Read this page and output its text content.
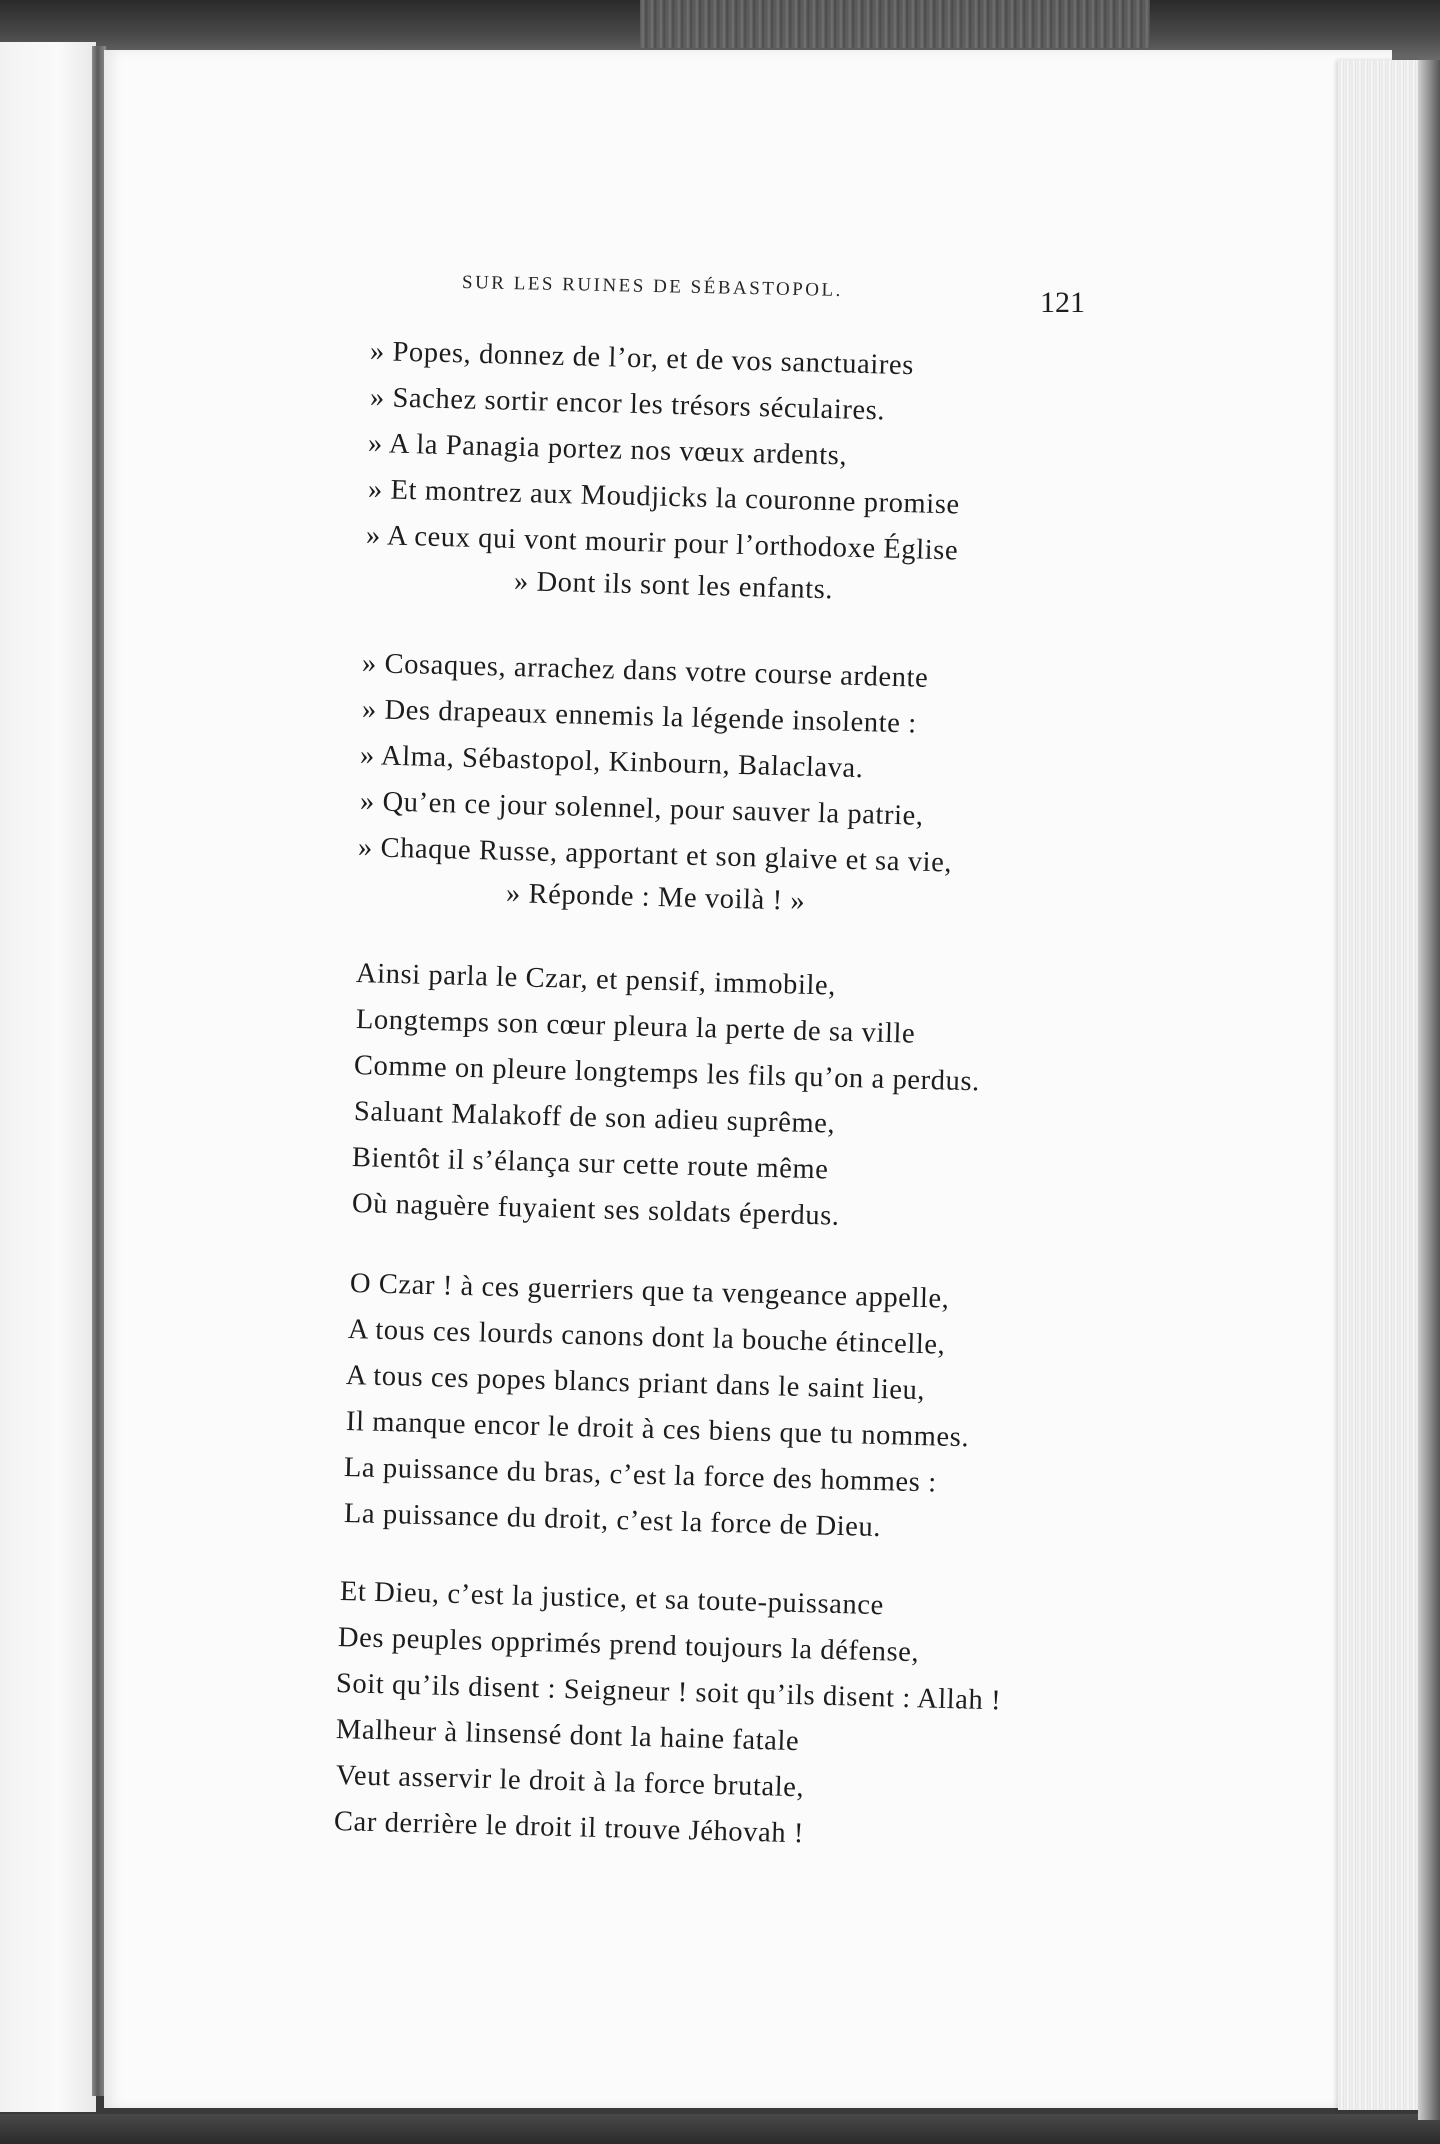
SUR LES RUINES DE SÉBASTOPOL.	121
» Popes, donnez de l’or, et de vos sanctuaires
» Sachez sortir encor les trésors séculaires.
» A la Panagia portez nos vœux ardents,
» Et montrez aux Moudjicks la couronne promise
» A ceux qui vont mourir pour l’orthodoxe Église
» Dont ils sont les enfants.
» Cosaques, arrachez dans votre course ardente
» Des drapeaux ennemis la légende insolente :
» Alma, Sébastopol, Kinbourn, Balaclava.
» Qu’en ce jour solennel, pour sauver la patrie,
» Chaque Russe, apportant et son glaive et sa vie,
» Réponde : Me voilà ! »
Ainsi parla le Czar, et pensif, immobile,
Longtemps son cœur pleura la perte de sa ville
Comme on pleure longtemps les fils qu’on a perdus.
Saluant Malakoff de son adieu suprême,
Bientôt il s’élança sur cette route même
Où naguère fuyaient ses soldats éperdus.
O Czar ! à ces guerriers que ta vengeance appelle,
A tous ces lourds canons dont la bouche étincelle,
A tous ces popes blancs priant dans le saint lieu,
Il manque encor le droit à ces biens que tu nommes.
La puissance du bras, c’est la force des hommes :
La puissance du droit, c’est la force de Dieu.
Et Dieu, c’est la justice, et sa toute-puissance
Des peuples opprimés prend toujours la défense,
Soit qu’ils disent : Seigneur ! soit qu’ils disent : Allah !
Malheur à linsensé dont la haine fatale
Veut asservir le droit à la force brutale,
Car derrière le droit il trouve Jéhovah !
